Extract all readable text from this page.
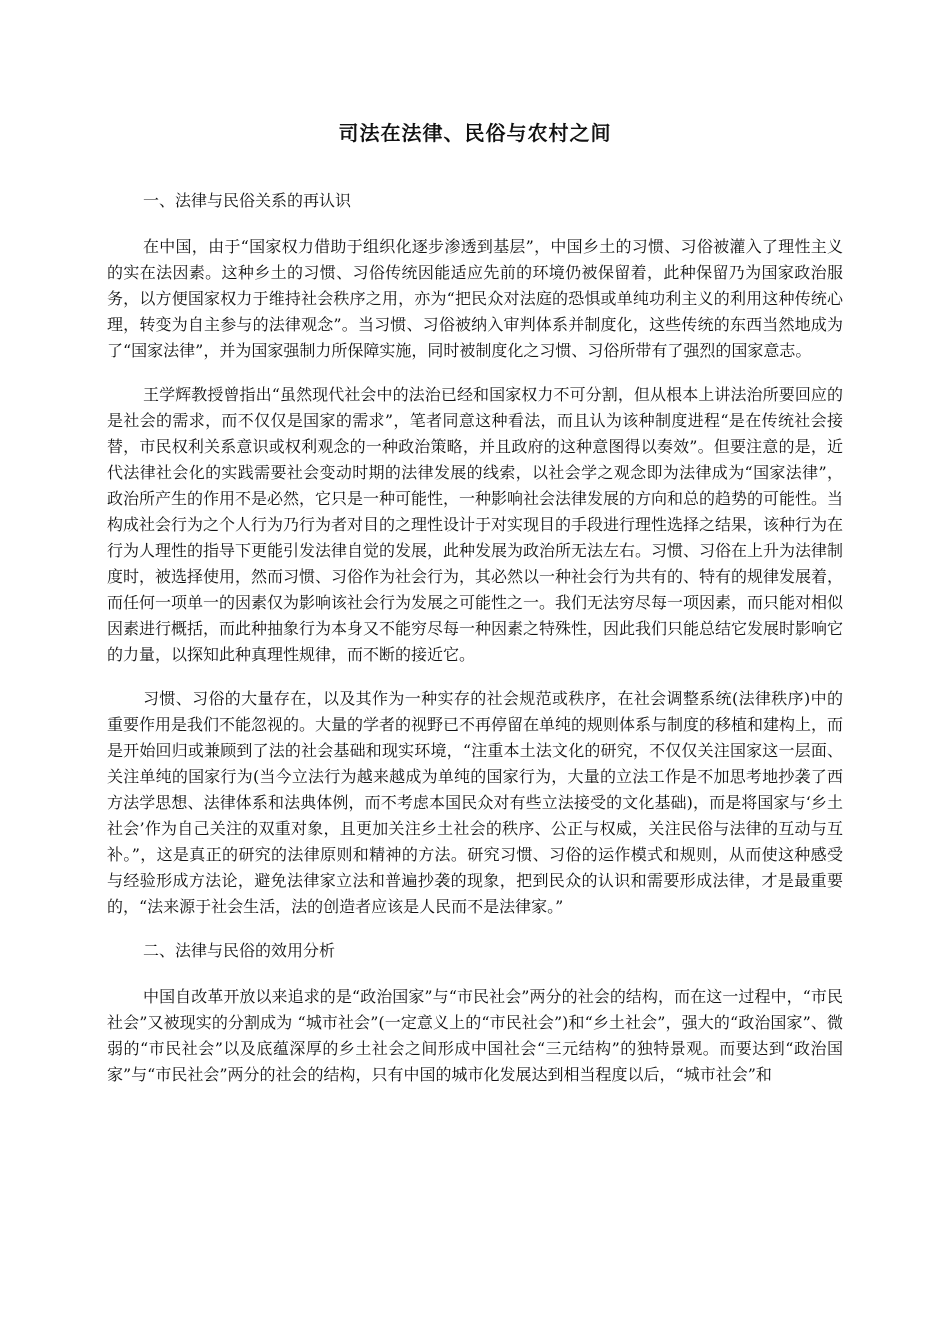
司法在法律、民俗与农村之间

一、法律与民俗关系的再认识

在中国，由于“国家权力借助于组织化逐步渗透到基层”，中国乡土的习惯、习俗被灌入了理性主义的实在法因素。这种乡土的习惯、习俗传统因能适应先前的环境仍被保留着，此种保留乃为国家政治服务，以方便国家权力于维持社会秩序之用，亦为“把民众对法庭的恐惧或单纯功利主义的利用这种传统心理，转变为自主参与的法律观念”。当习惯、习俗被纳入审判体系并制度化，这些传统的东西当然地成为了“国家法律”，并为国家强制力所保障实施，同时被制度化之习惯、习俗所带有了强烈的国家意志。

王学辉教授曾指出“虽然现代社会中的法治已经和国家权力不可分割，但从根本上讲法治所要回应的是社会的需求，而不仅仅是国家的需求”，笔者同意这种看法，而且认为该种制度进程“是在传统社会接替，市民权利关系意识或权利观念的一种政治策略，并且政府的这种意图得以奏效”。但要注意的是，近代法律社会化的实践需要社会变动时期的法律发展的线索，以社会学之观念即为法律成为“国家法律”，政治所产生的作用不是必然，它只是一种可能性，一种影响社会法律发展的方向和总的趋势的可能性。当构成社会行为之个人行为乃行为者对目的之理性设计于对实现目的手段进行理性选择之结果，该种行为在行为人理性的指导下更能引发法律自觉的发展，此种发展为政治所无法左右。习惯、习俗在上升为法律制度时，被选择使用，然而习惯、习俗作为社会行为，其必然以一种社会行为共有的、特有的规律发展着，而任何一项单一的因素仅为影响该社会行为发展之可能性之一。我们无法穷尽每一项因素，而只能对相似因素进行概括，而此种抽象行为本身又不能穷尽每一种因素之特殊性，因此我们只能总结它发展时影响它的力量，以探知此种真理性规律，而不断的接近它。

习惯、习俗的大量存在，以及其作为一种实存的社会规范或秩序，在社会调整系统(法律秩序)中的重要作用是我们不能忽视的。大量的学者的视野已不再停留在单纯的规则体系与制度的移植和建构上，而是开始回归或兼顾到了法的社会基础和现实环境，“注重本土法文化的研究，不仅仅关注国家这一层面、关注单纯的国家行为(当今立法行为越来越成为单纯的国家行为，大量的立法工作是不加思考地抄袭了西方法学思想、法律体系和法典体例，而不考虑本国民众对有些立法接受的文化基础)，而是将国家与‘乡土社会’作为自己关注的双重对象，且更加关注乡土社会的秩序、公正与权威，关注民俗与法律的互动与互补。”，这是真正的研究的法律原则和精神的方法。研究习惯、习俗的运作模式和规则，从而使这种感受与经验形成方法论，避免法律家立法和普遍抄袭的现象，把到民众的认识和需要形成法律，才是最重要的，“法来源于社会生活，法的创造者应该是人民而不是法律家。”

二、法律与民俗的效用分析

中国自改革开放以来追求的是“政治国家”与“市民社会”两分的社会的结构，而在这一过程中，“市民社会”又被现实的分割成为 “城市社会”(一定意义上的“市民社会”)和“乡土社会”，强大的“政治国家”、微弱的“市民社会”以及底蕴深厚的乡土社会之间形成中国社会“三元结构”的独特景观。而要达到“政治国家”与“市民社会”两分的社会的结构，只有中国的城市化发展达到相当程度以后，“城市社会”和
